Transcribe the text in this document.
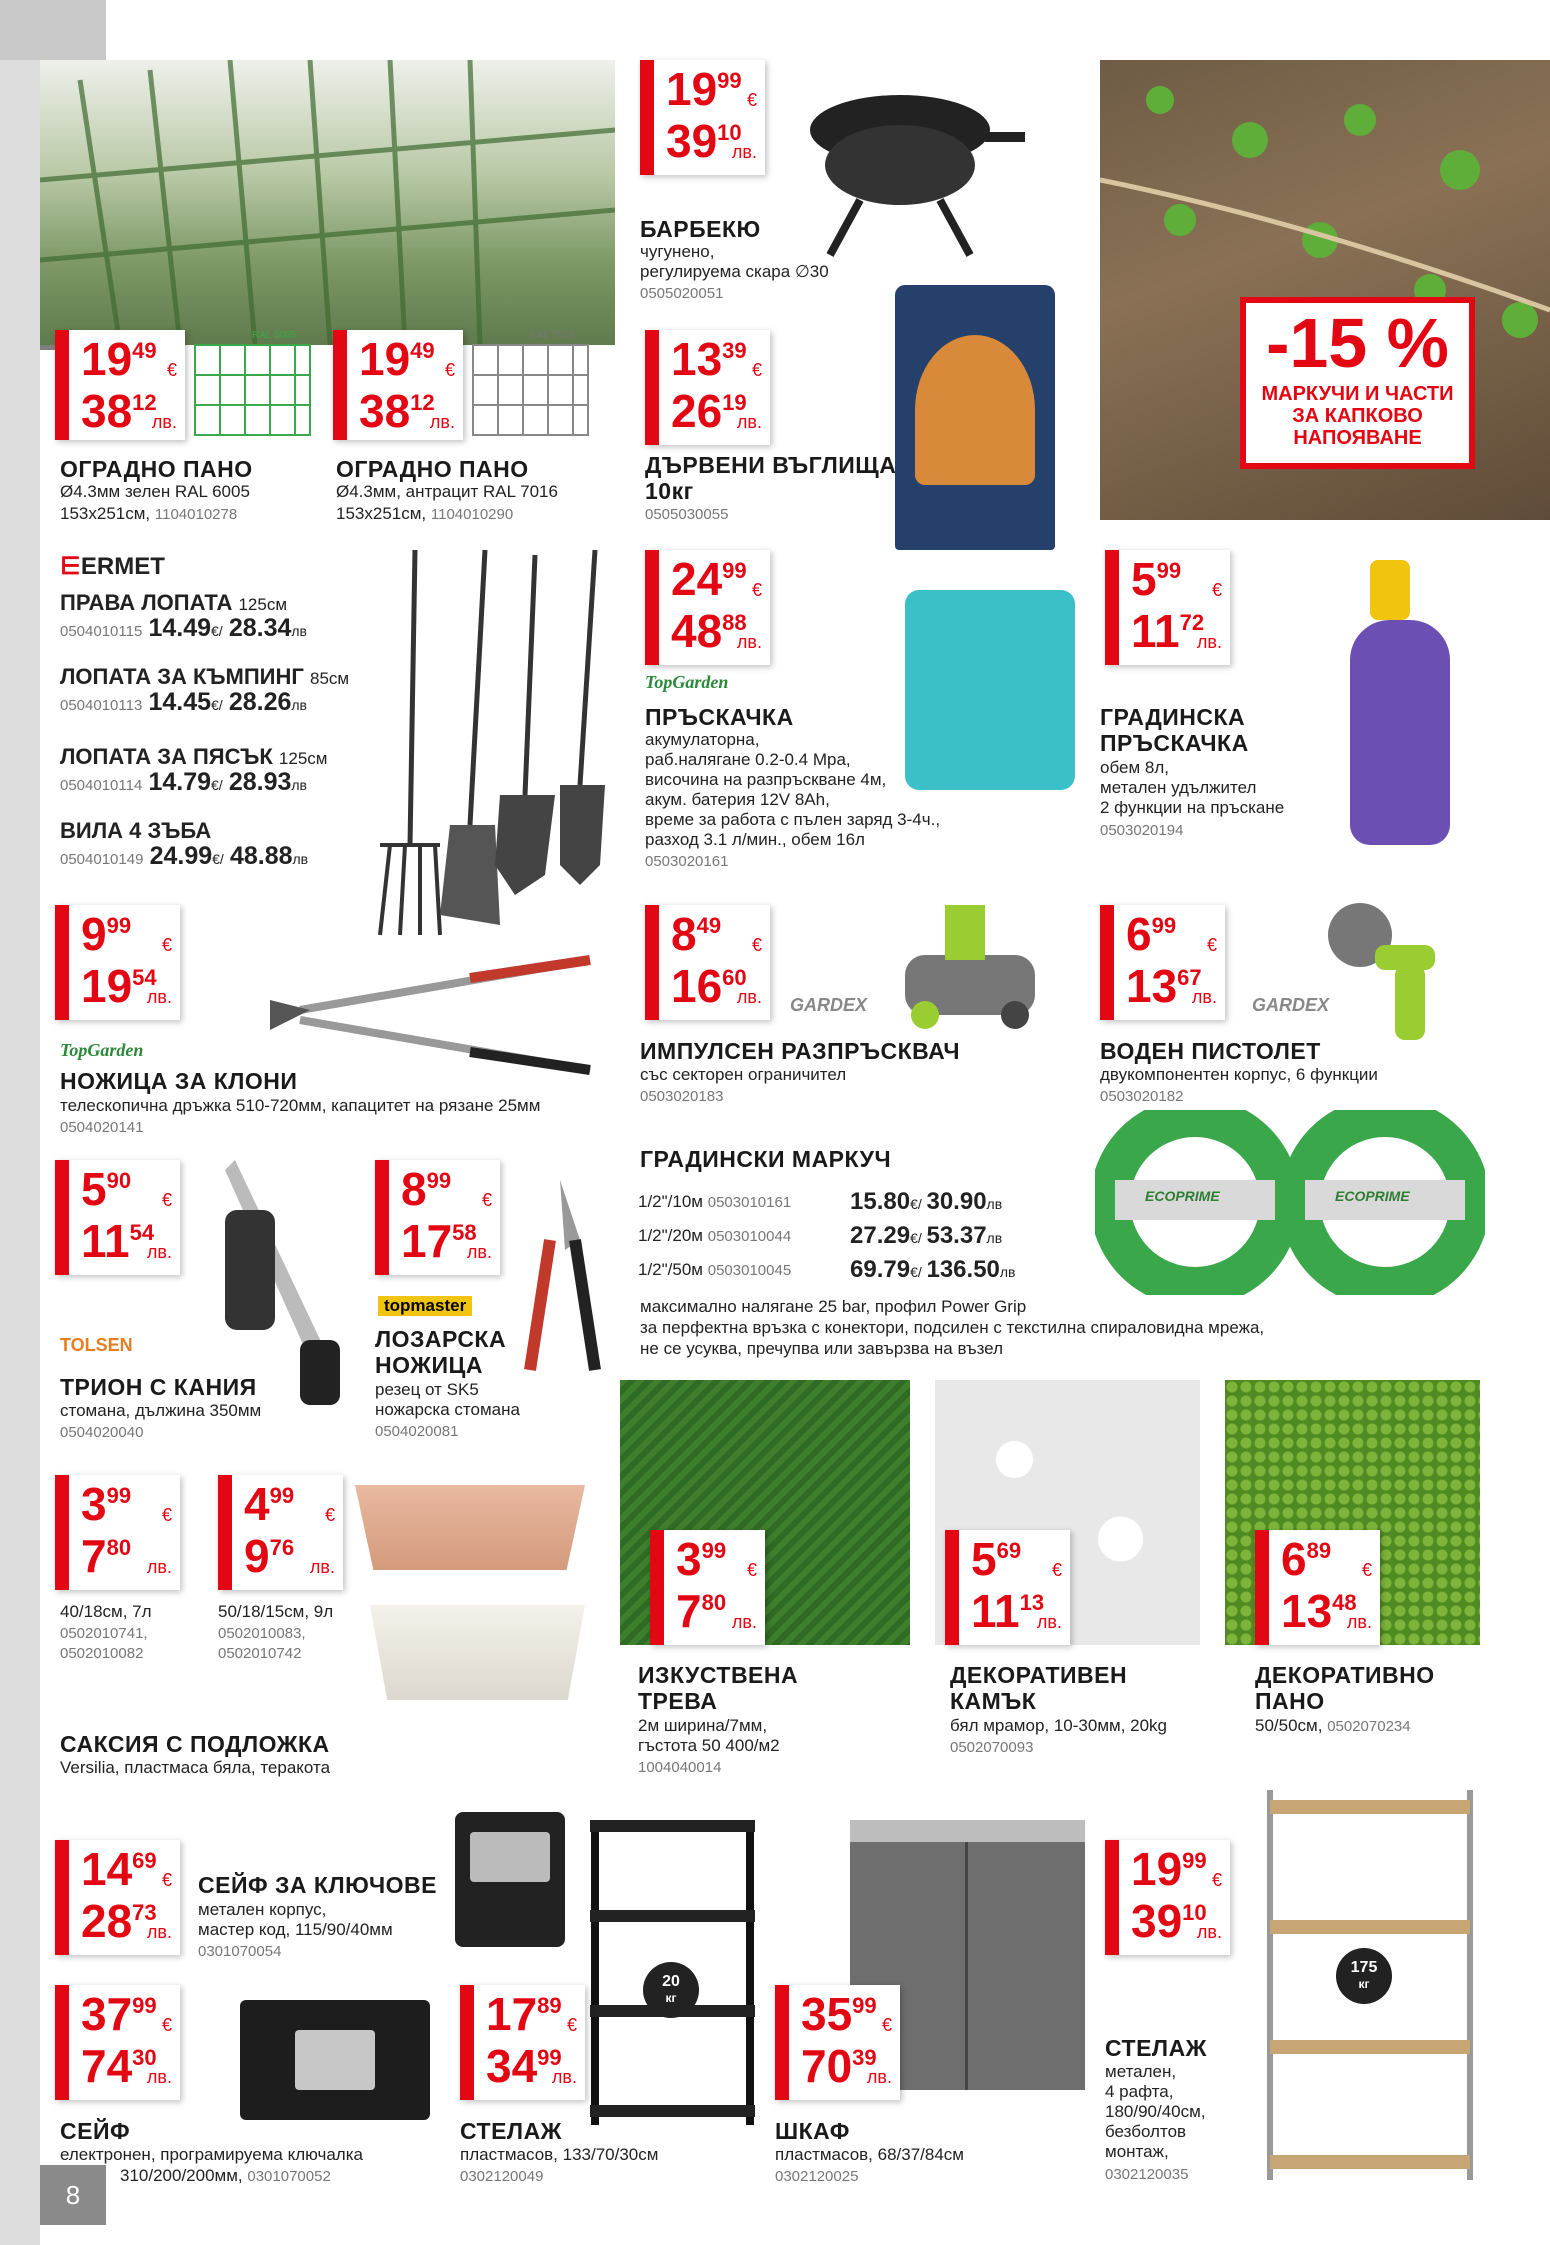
8
1949
€
3812
лв.
RAL 6005
ОГРАДНО ПАНО
Ø4.3мм зелен RAL 6005
153х251см, 1104010278
1949
€
3812
лв.
RAL 7016
ОГРАДНО ПАНО
Ø4.3мм, антрацит RAL 7016
153х251см, 1104010290
⋿ERMET
ПРАВА ЛОПАТА 125см
0504010115 14.49€/ 28.34лв
ЛОПАТА ЗА КЪМПИНГ 85см
0504010113 14.45€/ 28.26лв
ЛОПАТА ЗА ПЯСЪК 125см
0504010114 14.79€/ 28.93лв
ВИЛА 4 ЗЪБА
0504010149 24.99€/ 48.88лв
1999
€
3910
лв.
БАРБЕКЮ
чугунено,
регулируема скара ∅30
0505020051
1339
€
2619
лв.
ДЪРВЕНИ ВЪГЛИЩА
10кг
0505030055
-15 %
МАРКУЧИ И ЧАСТИ ЗА КАПКОВО НАПОЯВАНЕ
2499
€
4888
лв.
TopGarden
ПРЪСКАЧКА
акумулаторна,
раб.налягане 0.2-0.4 Mpa,
височина на разпръскване 4м,
акум. батерия 12V 8Ah,
време за работа с пълен заряд 3-4ч.,
разход 3.1 л/мин., обем 16л
0503020161
599
€
1172
лв.
ГРАДИНСКА
ПРЪСКАЧКА
обем 8л,
метален удължител
2 функции на пръскане
0503020194
999
€
1954
лв.
TopGarden
НОЖИЦА ЗА КЛОНИ
телескопична дръжка 510-720мм, капацитет на рязане 25мм
0504020141
849
€
1660
лв. GARDEX
ИМПУЛСЕН РАЗПРЪСКВАЧ
със секторен ограничител
0503020183
699
€
1367
лв. GARDEX
ВОДЕН ПИСТОЛЕТ
двукомпонентен корпус, 6 функции
0503020182
ГРАДИНСКИ МАРКУЧ
1/2"/10м 0503010161 15.80€/ 30.90лв
1/2"/20м 0503010044 27.29€/ 53.37лв
1/2"/50м 0503010045 69.79€/ 136.50лв
ECOPRIME	ECOPRIME
максимално налягане 25 bar, профил Power Grip
за перфектна връзка с конектори, подсилен с текстилна спираловидна мрежа,
не се усуква, пречупва или завързва на възел
590
€
1154
лв.
TOLSEN
ТРИОН С КАНИЯ
стомана, дължина 350мм
0504020040
899
€
1758
лв.
topmaster
ЛОЗАРСКА
НОЖИЦА
резец от SK5
ножарска стомана
0504020081
399
€
780
лв.
40/18см, 7л
0502010741,
0502010082
499
€
976
лв.
50/18/15см, 9л
0502010083,
0502010742
САКСИЯ С ПОДЛОЖКА
Versilia, пластмаса бяла, теракота
399
€
780
лв.
ИЗКУСТВЕНА
ТРЕВА
2м ширина/7мм,
гъстота 50 400/м2
1004040014
569
€
1113
лв.
ДЕКОРАТИВЕН
КАМЪК
бял мрамор, 10-30мм, 20kg
0502070093
689
€
1348
лв.
ДЕКОРАТИВНО
ПАНО
50/50см, 0502070234
1469
€
2873
лв.
СЕЙФ ЗА КЛЮЧОВЕ
метален корпус,
мастер код, 115/90/40мм
0301070054
3799
€
7430
лв.
СЕЙФ
електронен, програмируема ключалка
310/200/200мм, 0301070052
20
кг
1789
€
3499
лв.
СТЕЛАЖ
пластмасов, 133/70/30см
0302120049
3599
€
7039
лв.
ШКАФ
пластмасов, 68/37/84см
0302120025
1999
€
3910
лв.
175
кг
СТЕЛАЖ
метален,
4 рафта,
180/90/40см,
безболтов
монтаж,
0302120035
